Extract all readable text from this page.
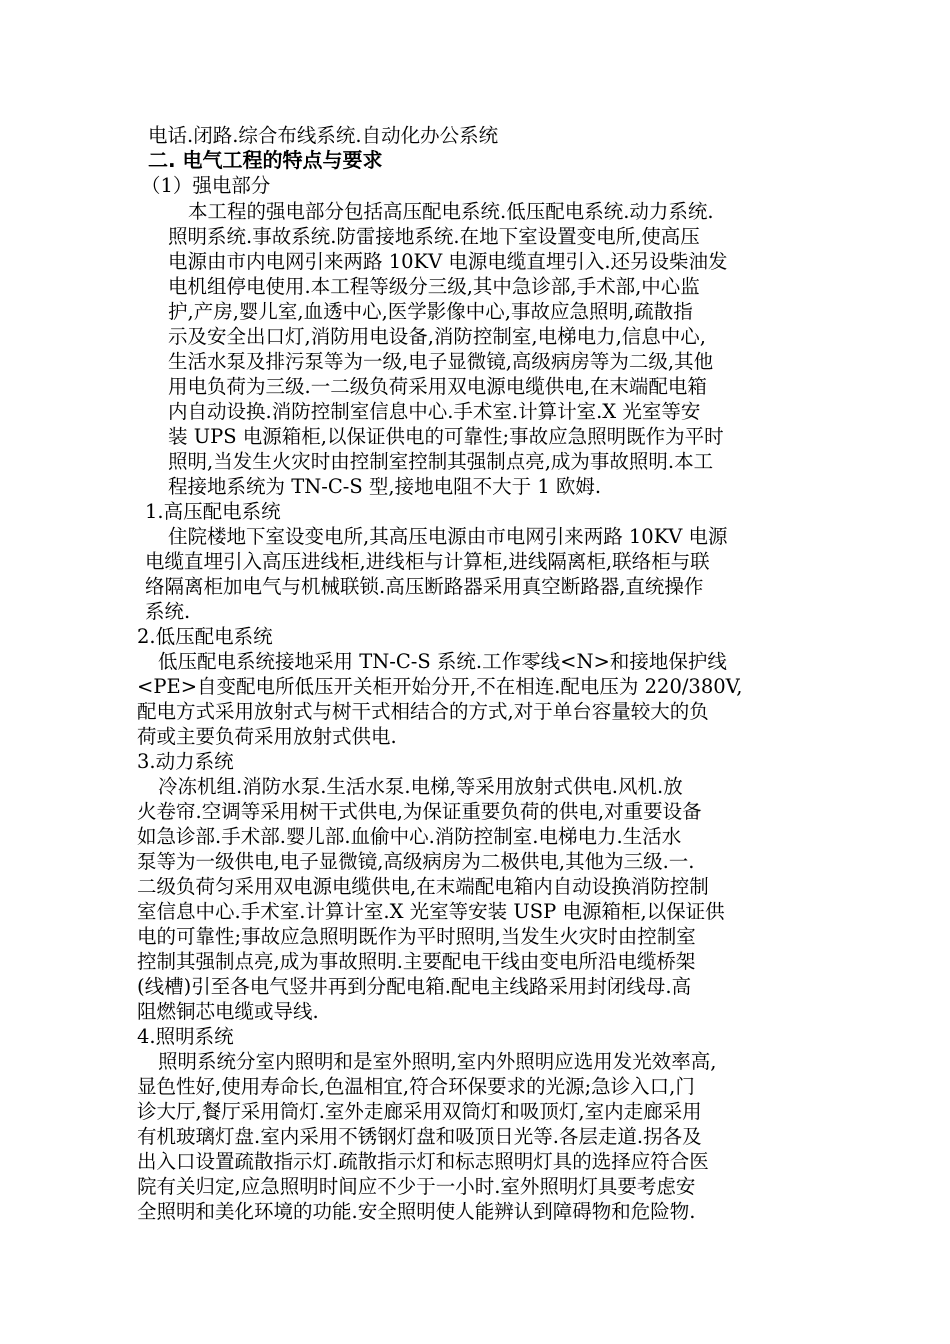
电话.闭路.综合布线系统.自动化办公系统

二. 电气工程的特点与要求

（1）强电部分

本工程的强电部分包括高压配电系统.低压配电系统.动力系统.

照明系统.事故系统.防雷接地系统.在地下室设置变电所,使高压

电源由市内电网引来两路 10KV 电源电缆直埋引入.还另设柴油发

电机组停电使用.本工程等级分三级,其中急诊部,手术部,中心监

护,产房,婴儿室,血透中心,医学影像中心,事故应急照明,疏散指

示及安全出口灯,消防用电设备,消防控制室,电梯电力,信息中心,

生活水泵及排污泵等为一级,电子显微镜,高级病房等为二级,其他

用电负荷为三级.一二级负荷采用双电源电缆供电,在末端配电箱

内自动设换.消防控制室信息中心.手术室.计算计室.X 光室等安

装 UPS 电源箱柜,以保证供电的可靠性;事故应急照明既作为平时

照明,当发生火灾时由控制室控制其强制点亮,成为事故照明.本工

程接地系统为 TN-C-S 型,接地电阻不大于 1 欧姆.

1.高压配电系统

住院楼地下室设变电所,其高压电源由市电网引来两路 10KV 电源

电缆直埋引入高压进线柜,进线柜与计算柜,进线隔离柜,联络柜与联

络隔离柜加电气与机械联锁.高压断路器采用真空断路器,直统操作

系统.

2.低压配电系统

低压配电系统接地采用 TN-C-S 系统.工作零线<N>和接地保护线

<PE>自变配电所低压开关柜开始分开,不在相连.配电压为 220/380V,

配电方式采用放射式与树干式相结合的方式,对于单台容量较大的负

荷或主要负荷采用放射式供电.

3.动力系统

冷冻机组.消防水泵.生活水泵.电梯,等采用放射式供电.风机.放

火卷帘.空调等采用树干式供电,为保证重要负荷的供电,对重要设备

如急诊部.手术部.婴儿部.血偷中心.消防控制室.电梯电力.生活水

泵等为一级供电,电子显微镜,高级病房为二极供电,其他为三级.一.

二级负荷匀采用双电源电缆供电,在末端配电箱内自动设换消防控制

室信息中心.手术室.计算计室.X 光室等安装 USP 电源箱柜,以保证供

电的可靠性;事故应急照明既作为平时照明,当发生火灾时由控制室

控制其强制点亮,成为事故照明.主要配电干线由变电所沿电缆桥架

(线槽)引至各电气竖井再到分配电箱.配电主线路采用封闭线母.高

阻燃铜芯电缆或导线.

4.照明系统

照明系统分室内照明和是室外照明,室内外照明应选用发光效率高,

显色性好,使用寿命长,色温相宜,符合环保要求的光源;急诊入口,门

诊大厅,餐厅采用筒灯.室外走廊采用双筒灯和吸顶灯,室内走廊采用

有机玻璃灯盘.室内采用不锈钢灯盘和吸顶日光等.各层走道.拐各及

出入口设置疏散指示灯.疏散指示灯和标志照明灯具的选择应符合医

院有关归定,应急照明时间应不少于一小时.室外照明灯具要考虑安

全照明和美化环境的功能.安全照明使人能辨认到障碍物和危险物.
